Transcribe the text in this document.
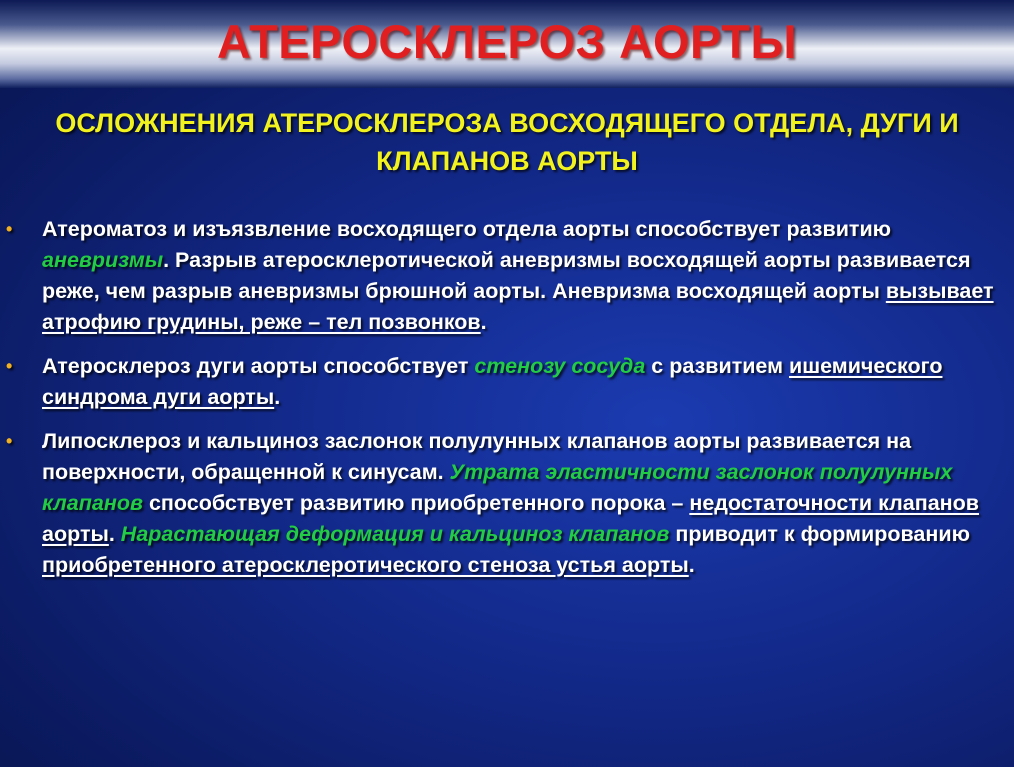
АТЕРОСКЛЕРОЗ АОРТЫ
ОСЛОЖНЕНИЯ АТЕРОСКЛЕРОЗА ВОСХОДЯЩЕГО ОТДЕЛА, ДУГИ И КЛАПАНОВ АОРТЫ
• Атероматоз и изъязвление восходящего отдела аорты способствует развитию аневризмы. Разрыв атеросклеротической аневризмы восходящей аорты развивается реже, чем разрыв аневризмы брюшной аорты. Аневризма восходящей аорты вызывает атрофию грудины, реже – тел позвонков.
• Атеросклероз дуги аорты способствует стенозу сосуда с развитием ишемического синдрома дуги аорты.
• Липосклероз и кальциноз заслонок полулунных клапанов аорты развивается на поверхности, обращенной к синусам. Утрата эластичности заслонок полулунных клапанов способствует развитию приобретенного порока – недостаточности клапанов аорты. Нарастающая деформация и кальциноз клапанов приводит к формированию приобретенного атеросклеротического стеноза устья аорты.
